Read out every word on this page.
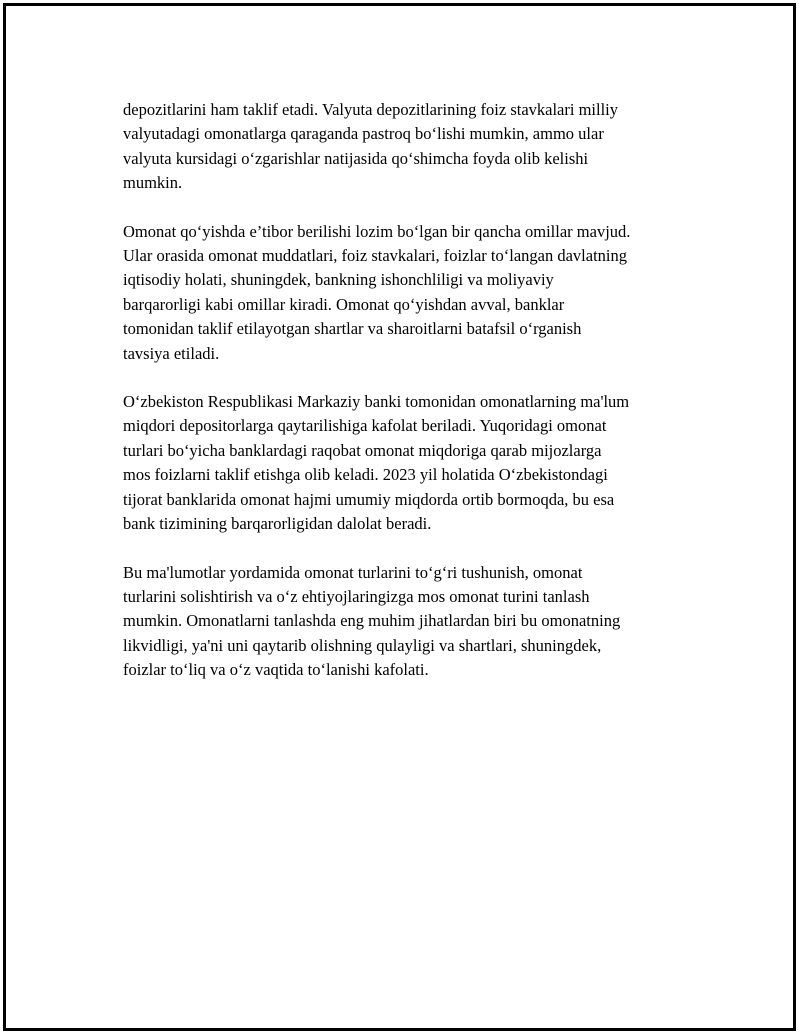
depozitlarini ham taklif etadi. Valyuta depozitlarining foiz stavkalari milliy
valyutadagi omonatlarga qaraganda pastroq bo‘lishi mumkin, ammo ular
valyuta kursidagi o‘zgarishlar natijasida qo‘shimcha foyda olib kelishi
mumkin.

Omonat qo‘yishda e’tibor berilishi lozim bo‘lgan bir qancha omillar mavjud.
Ular orasida omonat muddatlari, foiz stavkalari, foizlar to‘langan davlatning
iqtisodiy holati, shuningdek, bankning ishonchliligi va moliyaviy
barqarorligi kabi omillar kiradi. Omonat qo‘yishdan avval, banklar
tomonidan taklif etilayotgan shartlar va sharoitlarni batafsil o‘rganish
tavsiya etiladi.

O‘zbekiston Respublikasi Markaziy banki tomonidan omonatlarning ma'lum
miqdori depositorlarga qaytarilishiga kafolat beriladi. Yuqoridagi omonat
turlari bo‘yicha banklardagi raqobat omonat miqdoriga qarab mijozlarga
mos foizlarni taklif etishga olib keladi. 2023 yil holatida O‘zbekistondagi
tijorat banklarida omonat hajmi umumiy miqdorda ortib bormoqda, bu esa
bank tizimining barqarorligidan dalolat beradi.

Bu ma'lumotlar yordamida omonat turlarini to‘g‘ri tushunish, omonat
turlarini solishtirish va o‘z ehtiyojlaringizga mos omonat turini tanlash
mumkin. Omonatlarni tanlashda eng muhim jihatlardan biri bu omonatning
likvidligi, ya'ni uni qaytarib olishning qulayligi va shartlari, shuningdek,
foizlar to‘liq va o‘z vaqtida to‘lanishi kafolati.
